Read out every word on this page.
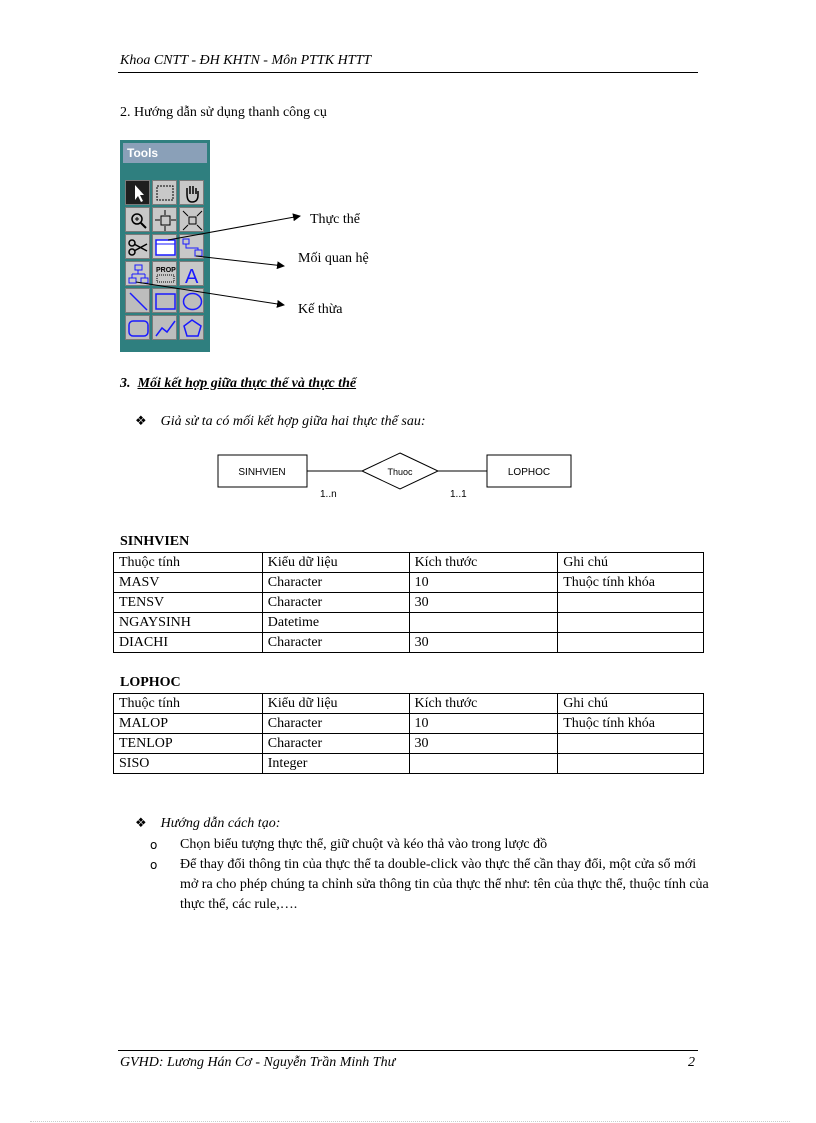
Khoa CNTT - ĐH KHTN - Môn PTTK HTTT
2. Hướng dẫn sử dụng thanh công cụ
Tools
PROP A
Thực thể
Mối quan hệ
Kế thừa
3. Mối kết hợp giữa thực thể và thực thể
❖ Giả sử ta có mối kết hợp giữa hai thực thể sau:
SINHVIEN	Thuoc	LOPHOC
1..n	1..1
SINHVIEN
Thuộc tính	Kiểu dữ liệu	Kích thước	Ghi chú
MASV	Character	10	Thuộc tính khóa
TENSV	Character	30	
NGAYSINH	Datetime		
DIACHI	Character	30	
LOPHOC
Thuộc tính	Kiểu dữ liệu	Kích thước	Ghi chú
MALOP	Character	10	Thuộc tính khóa
TENLOP	Character	30	
SISO	Integer		
❖ Hướng dẫn cách tạo:
o Chọn biểu tượng thực thể, giữ chuột và kéo thả vào trong lược đồ
o Để thay đổi thông tin của thực thể ta double-click vào thực thể cần thay đổi, một cửa sổ mới mở ra cho phép chúng ta chỉnh sửa thông tin của thực thể như: tên của thực thể, thuộc tính của thực thể, các rule,….
GVHD: Lương Hán Cơ - Nguyễn Trần Minh Thư	2
